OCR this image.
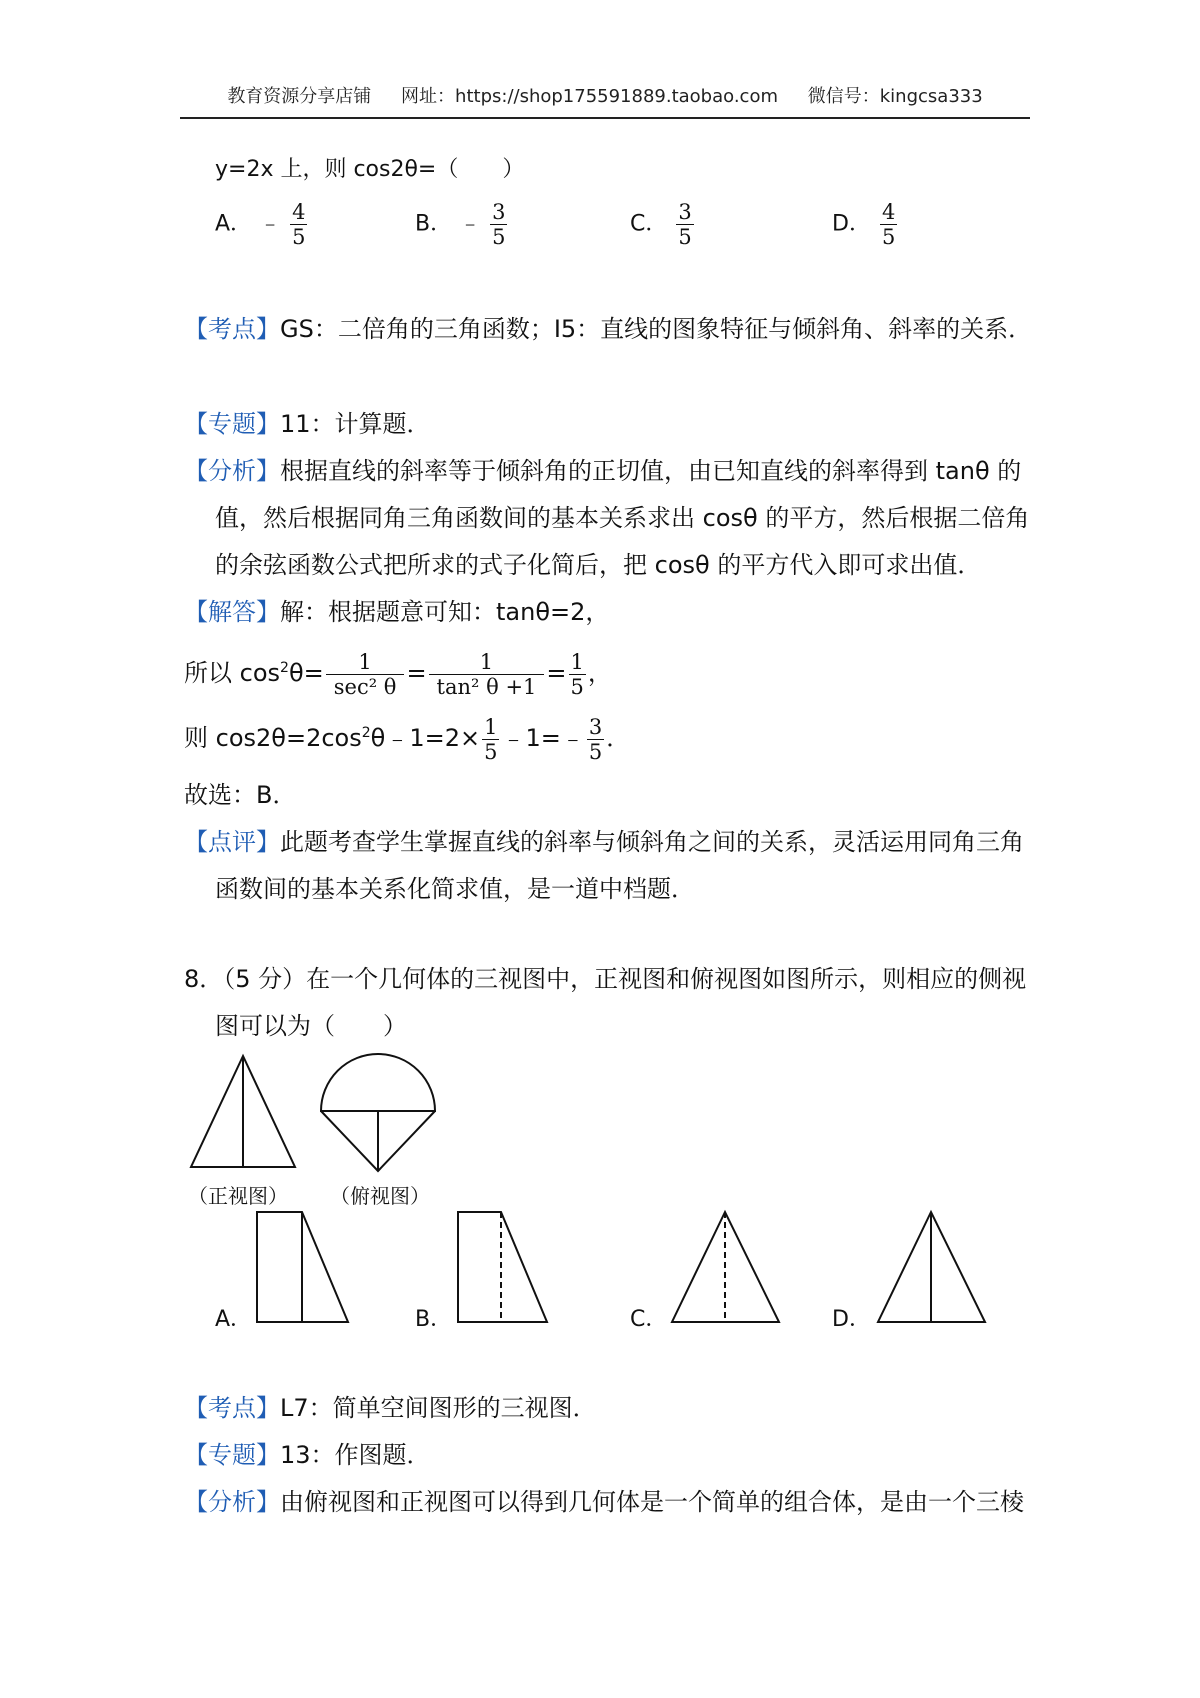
教育资源分享店铺 网址：https://shop175591889.taobao.com 微信号：kingcsa333
y=2x 上，则 cos2θ=（　　）
A． ﹣ $\frac{4}{5}$	B． ﹣ $\frac{3}{5}$	C． $\frac{3}{5}$	D． $\frac{4}{5}$
【考点】GS：二倍角的三角函数；I5：直线的图象特征与倾斜角、斜率的关系．
【专题】11：计算题．
【分析】根据直线的斜率等于倾斜角的正切值，由已知直线的斜率得到 tanθ 的
值，然后根据同角三角函数间的基本关系求出 cosθ 的平方，然后根据二倍角
的余弦函数公式把所求的式子化简后，把 cosθ 的平方代入即可求出值．
【解答】解：根据题意可知：tanθ=2，
所以 $\cos^2\theta= \frac{1}{\text{sec² θ}} = \frac{1}{\text{tan² θ +1}} = \frac{1}{5}$ ，
则 $\cos 2\theta=2\cos^2\theta﹣1=2\times \frac{1}{5}$ ﹣1=﹣ $\frac{3}{5}$ ．
故选：B．
【点评】此题考查学生掌握直线的斜率与倾斜角之间的关系，灵活运用同角三角
函数间的基本关系化简求值，是一道中档题．
8．（5 分）在一个几何体的三视图中，正视图和俯视图如图所示，则相应的侧视
图可以为（　　）
（正视图） （俯视图）
A．	B．	C．	D．
【考点】L7：简单空间图形的三视图．
【专题】13：作图题．
【分析】由俯视图和正视图可以得到几何体是一个简单的组合体，是由一个三棱
